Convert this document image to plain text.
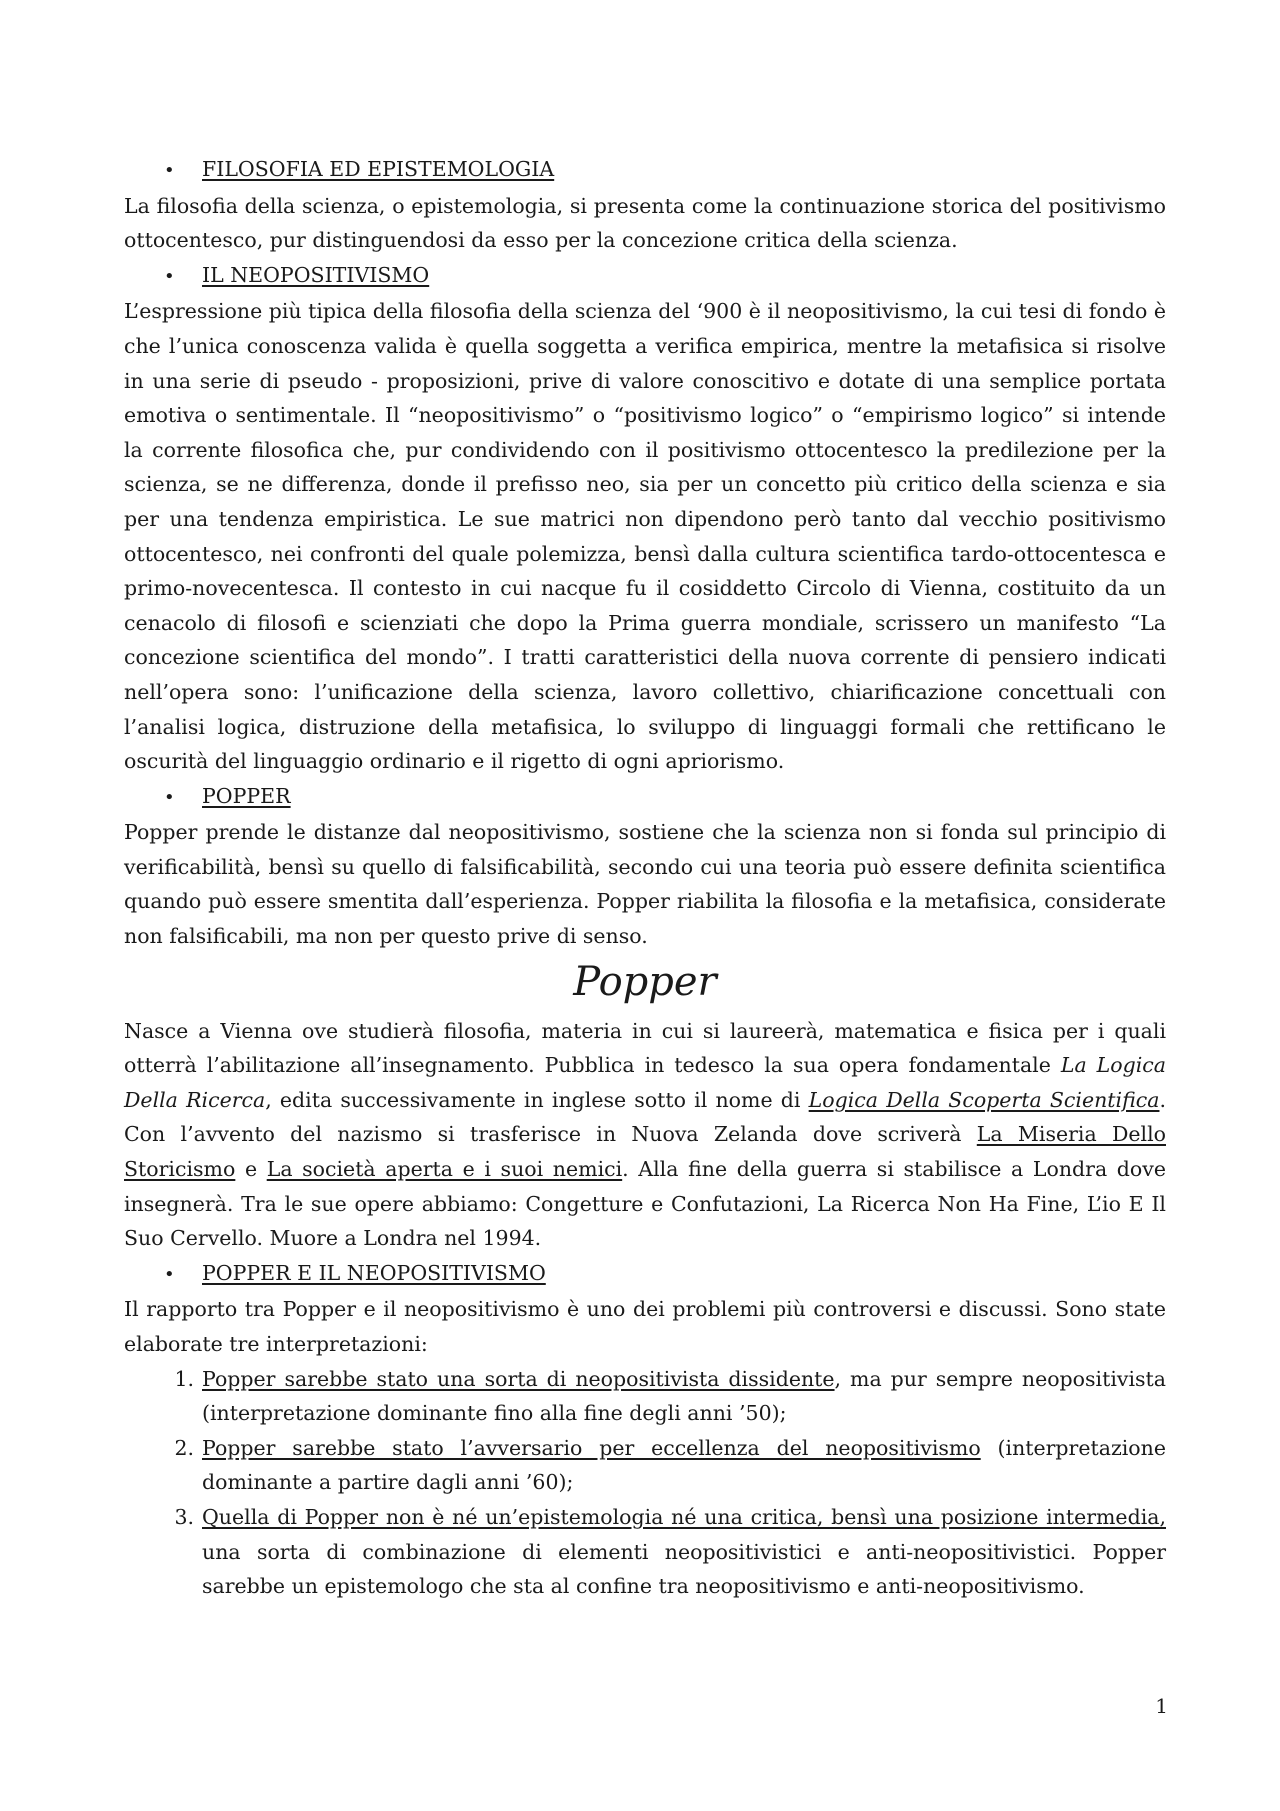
•	FILOSOFIA ED EPISTEMOLOGIA

La filosofia della scienza, o epistemologia, si presenta come la continuazione storica del positivismo ottocentesco, pur distinguendosi da esso per la concezione critica della scienza.

•	IL NEOPOSITIVISMO

L’espressione più tipica della filosofia della scienza del ‘900 è il neopositivismo, la cui tesi di fondo è che l’unica conoscenza valida è quella soggetta a verifica empirica, mentre la metafisica si risolve in una serie di pseudo - proposizioni, prive di valore conoscitivo e dotate di una semplice portata emotiva o sentimentale. Il “neopositivismo” o “positivismo logico” o “empirismo logico” si intende la corrente filosofica che, pur condividendo con il positivismo ottocentesco la predilezione per la scienza, se ne differenza, donde il prefisso neo, sia per un concetto più critico della scienza e sia per una tendenza empiristica. Le sue matrici non dipendono però tanto dal vecchio positivismo ottocentesco, nei confronti del quale polemizza, bensì dalla cultura scientifica tardo-ottocentesca e primo-novecentesca. Il contesto in cui nacque fu il cosiddetto Circolo di Vienna, costituito da un cenacolo di filosofi e scienziati che dopo la Prima guerra mondiale, scrissero un manifesto “La concezione scientifica del mondo”. I tratti caratteristici della nuova corrente di pensiero indicati nell’opera sono: l’unificazione della scienza, lavoro collettivo, chiarificazione concettuali con l’analisi logica, distruzione della metafisica, lo sviluppo di linguaggi formali che rettificano le oscurità del linguaggio ordinario e il rigetto di ogni apriorismo.

•	POPPER

Popper prende le distanze dal neopositivismo, sostiene che la scienza non si fonda sul principio di verificabilità, bensì su quello di falsificabilità, secondo cui una teoria può essere definita scientifica quando può essere smentita dall’esperienza. Popper riabilita la filosofia e la metafisica, considerate non falsificabili, ma non per questo prive di senso.

Popper

Nasce a Vienna ove studierà filosofia, materia in cui si laureerà, matematica e fisica per i quali otterrà l’abilitazione all’insegnamento. Pubblica in tedesco la sua opera fondamentale La Logica Della Ricerca, edita successivamente in inglese sotto il nome di Logica Della Scoperta Scientifica. Con l’avvento del nazismo si trasferisce in Nuova Zelanda dove scriverà La Miseria Dello Storicismo e La società aperta e i suoi nemici. Alla fine della guerra si stabilisce a Londra dove insegnerà. Tra le sue opere abbiamo: Congetture e Confutazioni, La Ricerca Non Ha Fine, L’io E Il Suo Cervello. Muore a Londra nel 1994.

•	POPPER E IL NEOPOSITIVISMO

Il rapporto tra Popper e il neopositivismo è uno dei problemi più controversi e discussi. Sono state elaborate tre interpretazioni:

1. Popper sarebbe stato una sorta di neopositivista dissidente, ma pur sempre neopositivista (interpretazione dominante fino alla fine degli anni ’50);
2. Popper sarebbe stato l’avversario per eccellenza del neopositivismo (interpretazione dominante a partire dagli anni ’60);
3. Quella di Popper non è né un’epistemologia né una critica, bensì una posizione intermedia, una sorta di combinazione di elementi neopositivistici e anti-neopositivistici. Popper sarebbe un epistemologo che sta al confine tra neopositivismo e anti-neopositivismo.
1
